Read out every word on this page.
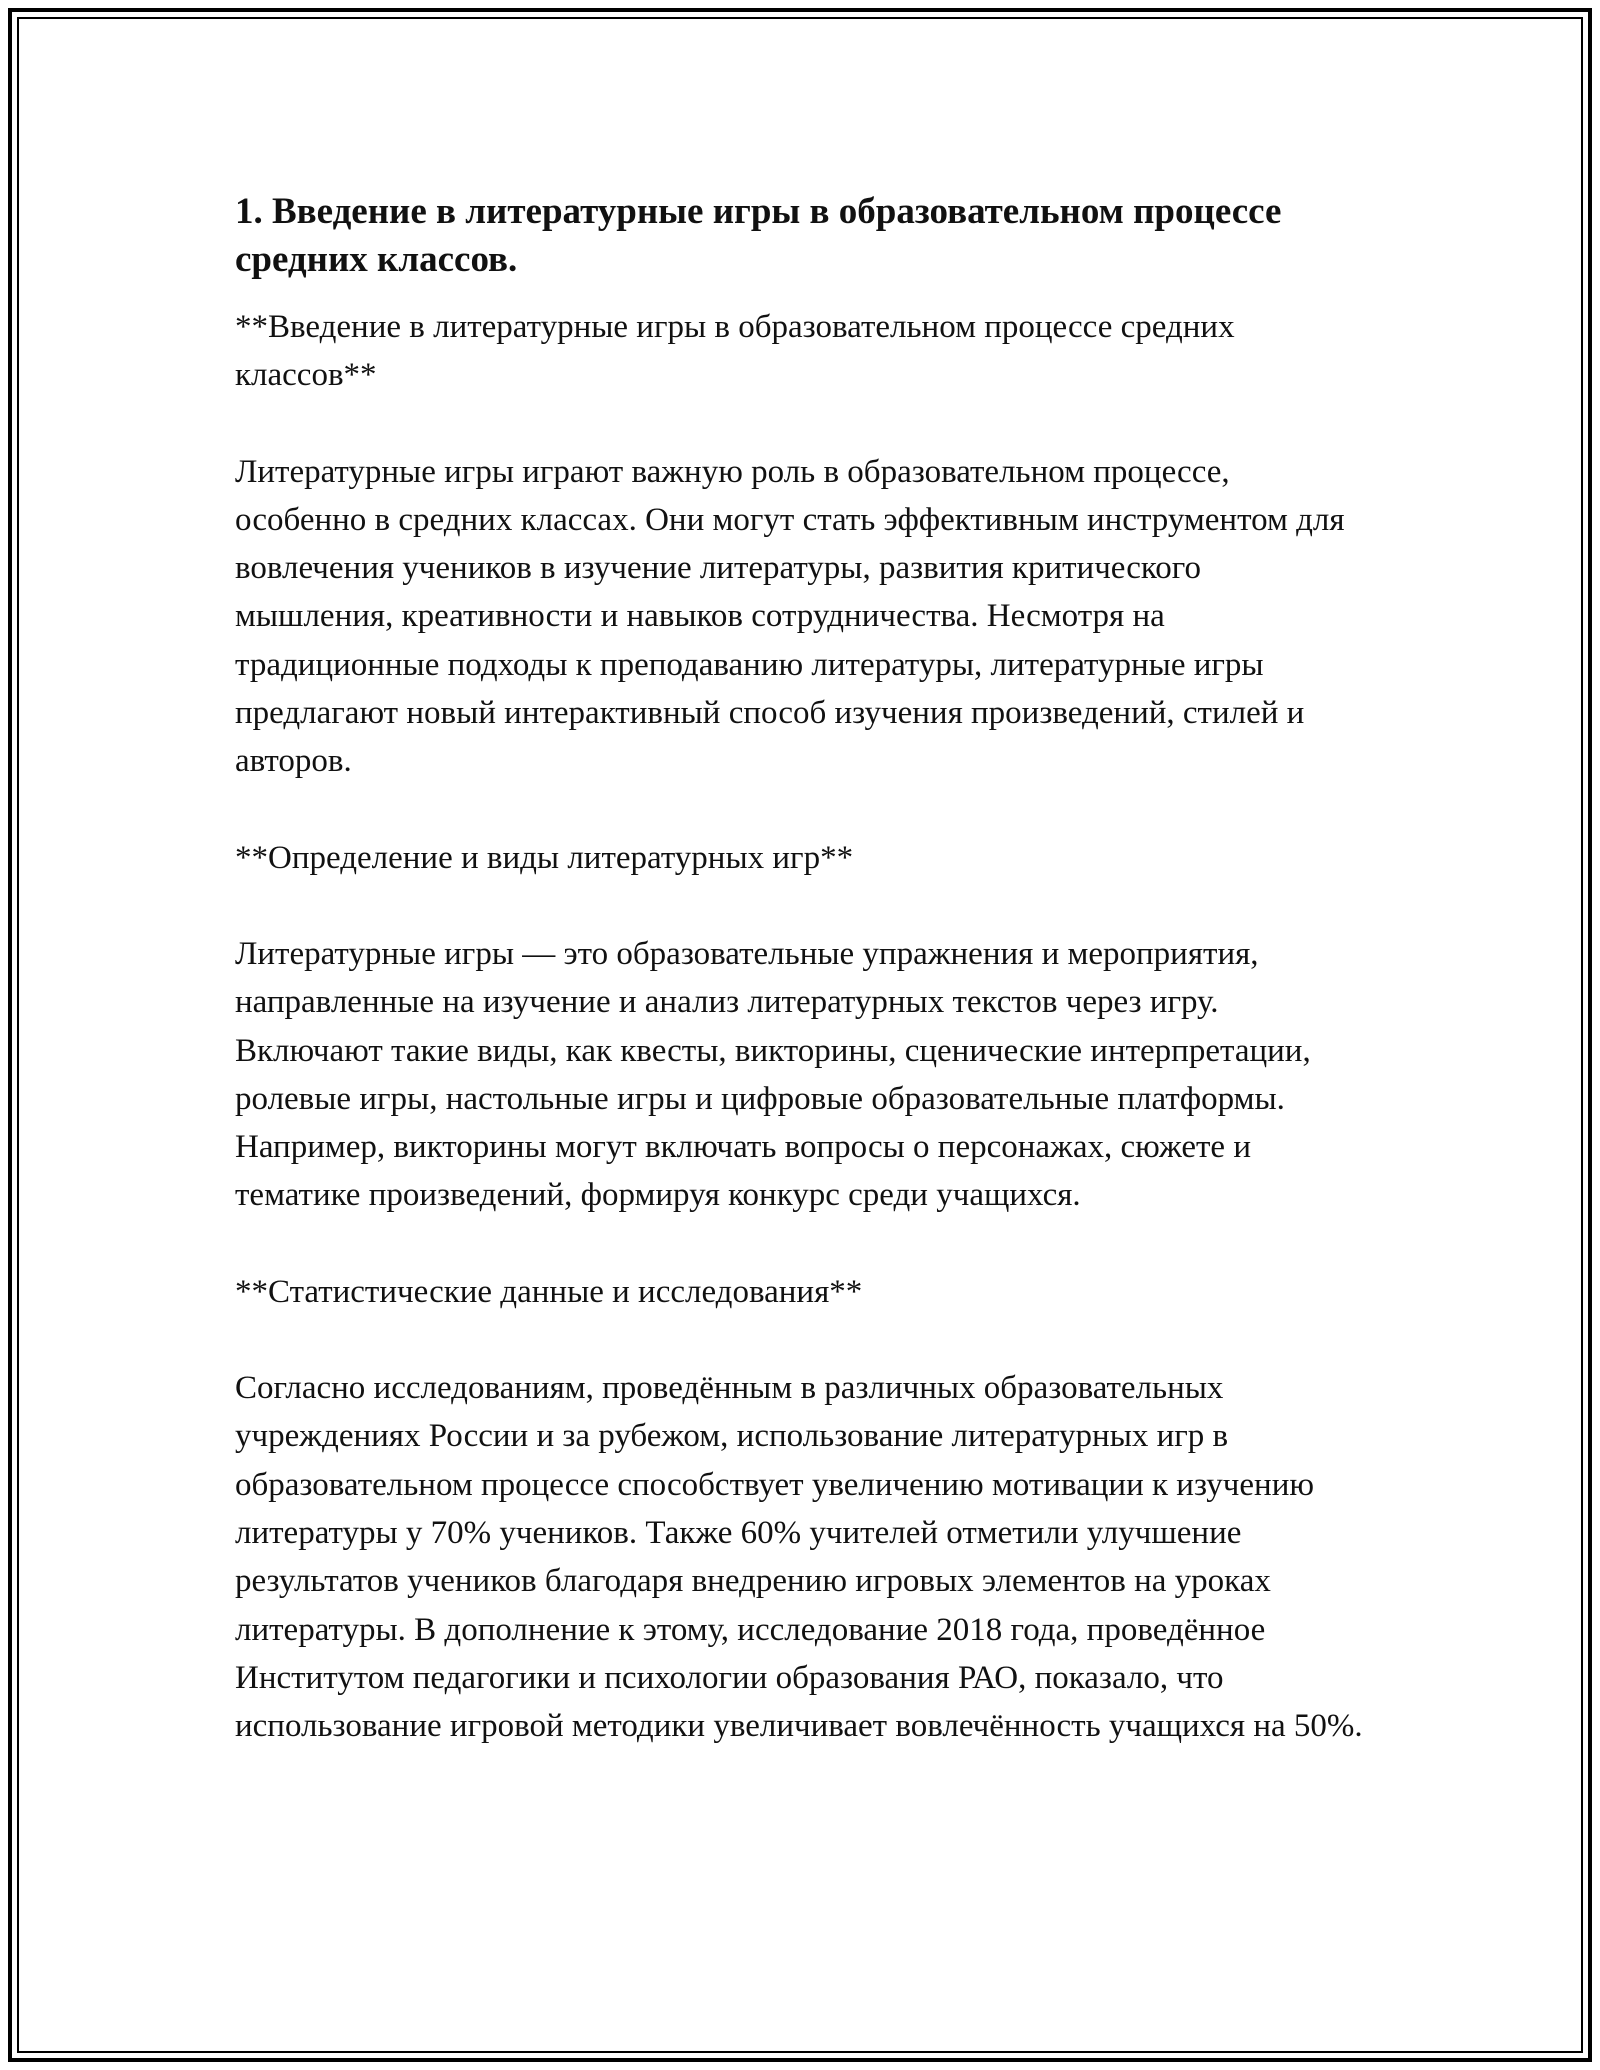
1. Введение в литературные игры в образовательном процессе средних классов.

**Введение в литературные игры в образовательном процессе средних классов**

Литературные игры играют важную роль в образовательном процессе, особенно в средних классах. Они могут стать эффективным инструментом для вовлечения учеников в изучение литературы, развития критического мышления, креативности и навыков сотрудничества. Несмотря на традиционные подходы к преподаванию литературы, литературные игры предлагают новый интерактивный способ изучения произведений, стилей и авторов.

**Определение и виды литературных игр**

Литературные игры — это образовательные упражнения и мероприятия, направленные на изучение и анализ литературных текстов через игру. Включают такие виды, как квесты, викторины, сценические интерпретации, ролевые игры, настольные игры и цифровые образовательные платформы. Например, викторины могут включать вопросы о персонажах, сюжете и тематике произведений, формируя конкурс среди учащихся.

**Статистические данные и исследования**

Согласно исследованиям, проведённым в различных образовательных учреждениях России и за рубежом, использование литературных игр в образовательном процессе способствует увеличению мотивации к изучению литературы у 70% учеников. Также 60% учителей отметили улучшение результатов учеников благодаря внедрению игровых элементов на уроках литературы. В дополнение к этому, исследование 2018 года, проведённое Институтом педагогики и психологии образования РАО, показало, что использование игровой методики увеличивает вовлечённость учащихся на 50%.
